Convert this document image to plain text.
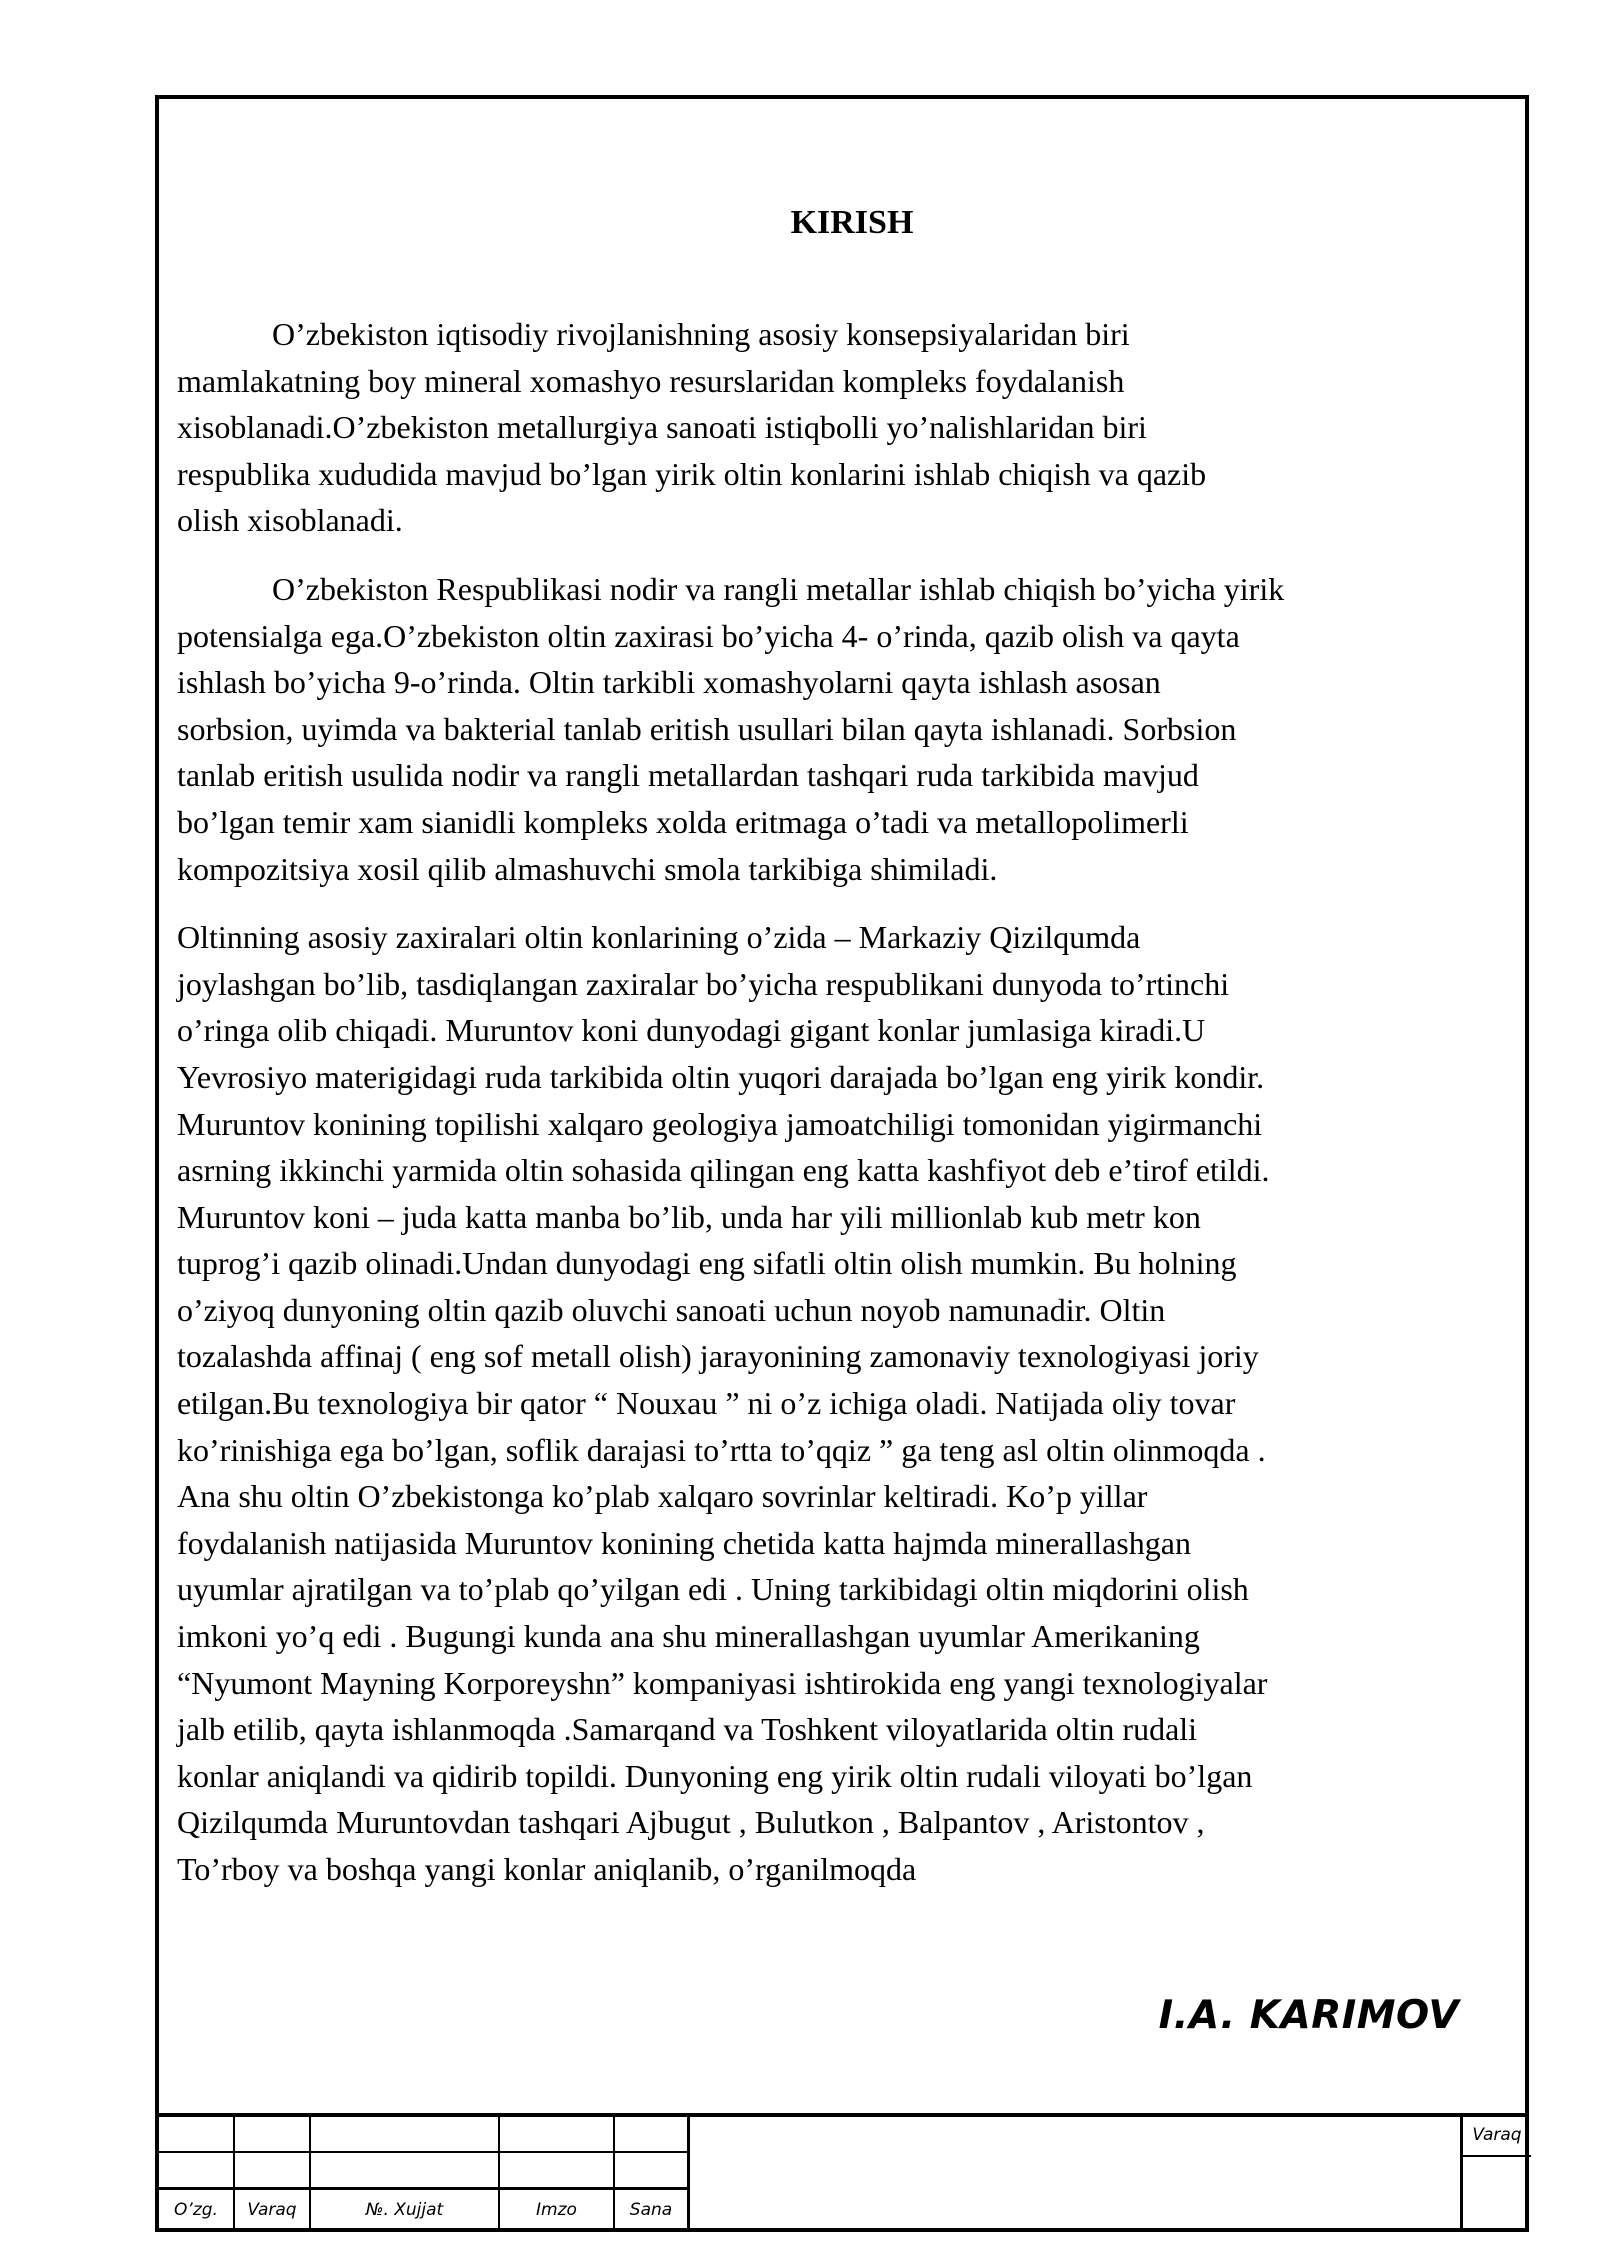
KIRISH

O’zbekiston iqtisodiy rivojlanishning asosiy konsepsiyalaridan biri
mamlakatning boy mineral xomashyo resurslaridan kompleks foydalanish
xisoblanadi.O’zbekiston metallurgiya sanoati istiqbolli yo’nalishlaridan biri
respublika xududida mavjud bo’lgan yirik oltin konlarini ishlab chiqish va qazib
olish xisoblanadi.

O’zbekiston Respublikasi nodir va rangli metallar ishlab chiqish bo’yicha yirik
potensialga ega.O’zbekiston oltin zaxirasi bo’yicha 4- o’rinda, qazib olish va qayta
ishlash bo’yicha 9-o’rinda. Oltin tarkibli xomashyolarni qayta ishlash asosan
sorbsion, uyimda va bakterial tanlab eritish usullari bilan qayta ishlanadi. Sorbsion
tanlab eritish usulida nodir va rangli metallardan tashqari ruda tarkibida mavjud
bo’lgan temir xam sianidli kompleks xolda eritmaga o’tadi va metallopolimerli
kompozitsiya xosil qilib almashuvchi smola tarkibiga shimiladi.

Oltinning asosiy zaxiralari oltin konlarining o’zida – Markaziy Qizilqumda
joylashgan bo’lib, tasdiqlangan zaxiralar bo’yicha respublikani dunyoda to’rtinchi
o’ringa olib chiqadi. Muruntov koni dunyodagi gigant konlar jumlasiga kiradi.U
Yevrosiyo materigidagi ruda tarkibida oltin yuqori darajada bo’lgan eng yirik kondir.
Muruntov konining topilishi xalqaro geologiya jamoatchiligi tomonidan yigirmanchi
asrning ikkinchi yarmida oltin sohasida qilingan eng katta kashfiyot deb e’tirof etildi.
Muruntov koni – juda katta manba bo’lib, unda har yili millionlab kub metr kon
tuprog’i qazib olinadi.Undan dunyodagi eng sifatli oltin olish mumkin. Bu holning
o’ziyoq dunyoning oltin qazib oluvchi sanoati uchun noyob namunadir. Oltin
tozalashda affinaj ( eng sof metall olish) jarayonining zamonaviy texnologiyasi joriy
etilgan.Bu texnologiya bir qator “ Nouxau ” ni o’z ichiga oladi. Natijada oliy tovar
ko’rinishiga ega bo’lgan, soflik darajasi to’rtta to’qqiz ” ga teng asl oltin olinmoqda .
Ana shu oltin O’zbekistonga ko’plab xalqaro sovrinlar keltiradi. Ko’p yillar
foydalanish natijasida Muruntov konining chetida katta hajmda minerallashgan
uyumlar ajratilgan va to’plab qo’yilgan edi . Uning tarkibidagi oltin miqdorini olish
imkoni yo’q edi . Bugungi kunda ana shu minerallashgan uyumlar Amerikaning
“Nyumont Mayning Korporeyshn” kompaniyasi ishtirokida eng yangi texnologiyalar
jalb etilib, qayta ishlanmoqda .Samarqand va Toshkent viloyatlarida oltin rudali
konlar aniqlandi va qidirib topildi. Dunyoning eng yirik oltin rudali viloyati bo’lgan
Qizilqumda Muruntovdan tashqari Ajbugut , Bulutkon , Balpantov , Aristontov ,
To’rboy va boshqa yangi konlar aniqlanib, o’rganilmoqda

I.A. KARIMOV

O’zg.	Varaq	№. Xujjat	Imzo	Sana

Varaq
